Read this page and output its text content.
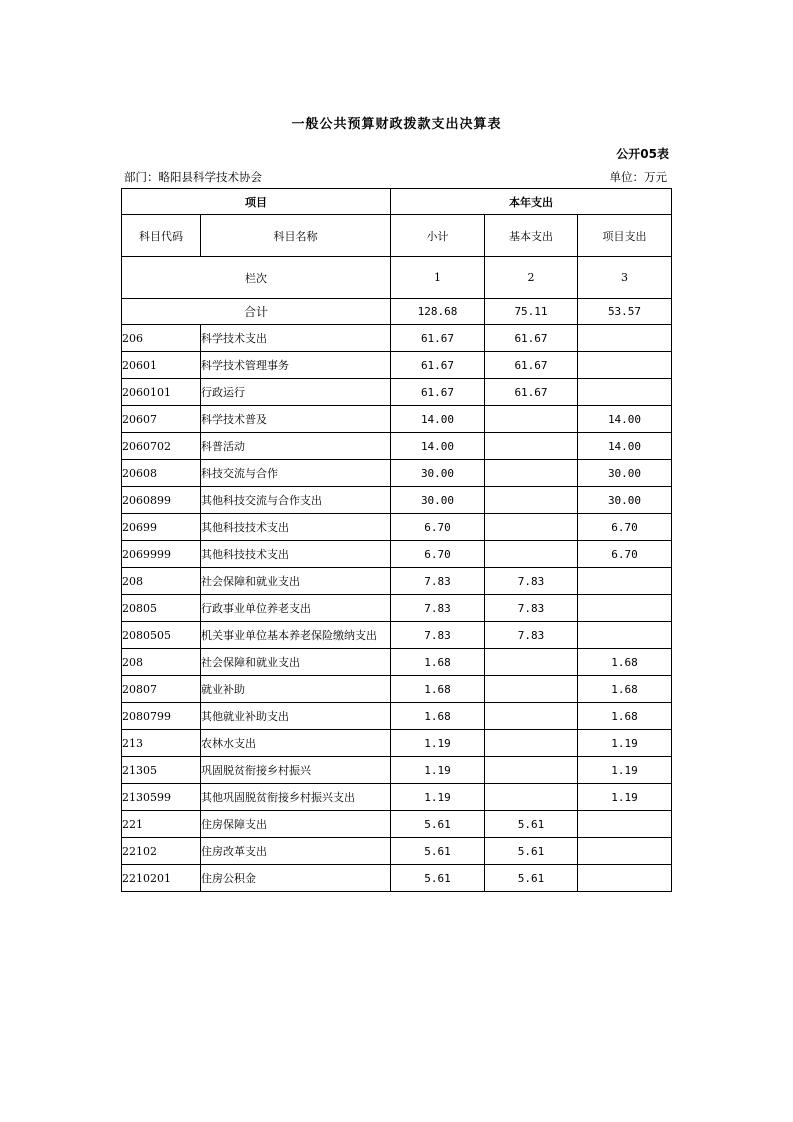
一般公共预算财政拨款支出决算表
公开05表
部门：略阳县科学技术协会	单位：万元
项目		本年支出		
科目代码	科目名称	小计	基本支出	项目支出
栏次		1	2	3
合计		128.68	75.11	53.57
206	科学技术支出	61.67	61.67	
20601	科学技术管理事务	61.67	61.67	
2060101	行政运行	61.67	61.67	
20607	科学技术普及	14.00		14.00
2060702	科普活动	14.00		14.00
20608	科技交流与合作	30.00		30.00
2060899	其他科技交流与合作支出	30.00		30.00
20699	其他科技技术支出	6.70		6.70
2069999	其他科技技术支出	6.70		6.70
208	社会保障和就业支出	7.83	7.83	
20805	行政事业单位养老支出	7.83	7.83	
2080505	机关事业单位基本养老保险缴纳支出	7.83	7.83	
208	社会保障和就业支出	1.68		1.68
20807	就业补助	1.68		1.68
2080799	其他就业补助支出	1.68		1.68
213	农林水支出	1.19		1.19
21305	巩固脱贫衔接乡村振兴	1.19		1.19
2130599	其他巩固脱贫衔接乡村振兴支出	1.19		1.19
221	住房保障支出	5.61	5.61	
22102	住房改革支出	5.61	5.61	
2210201	住房公积金	5.61	5.61	
